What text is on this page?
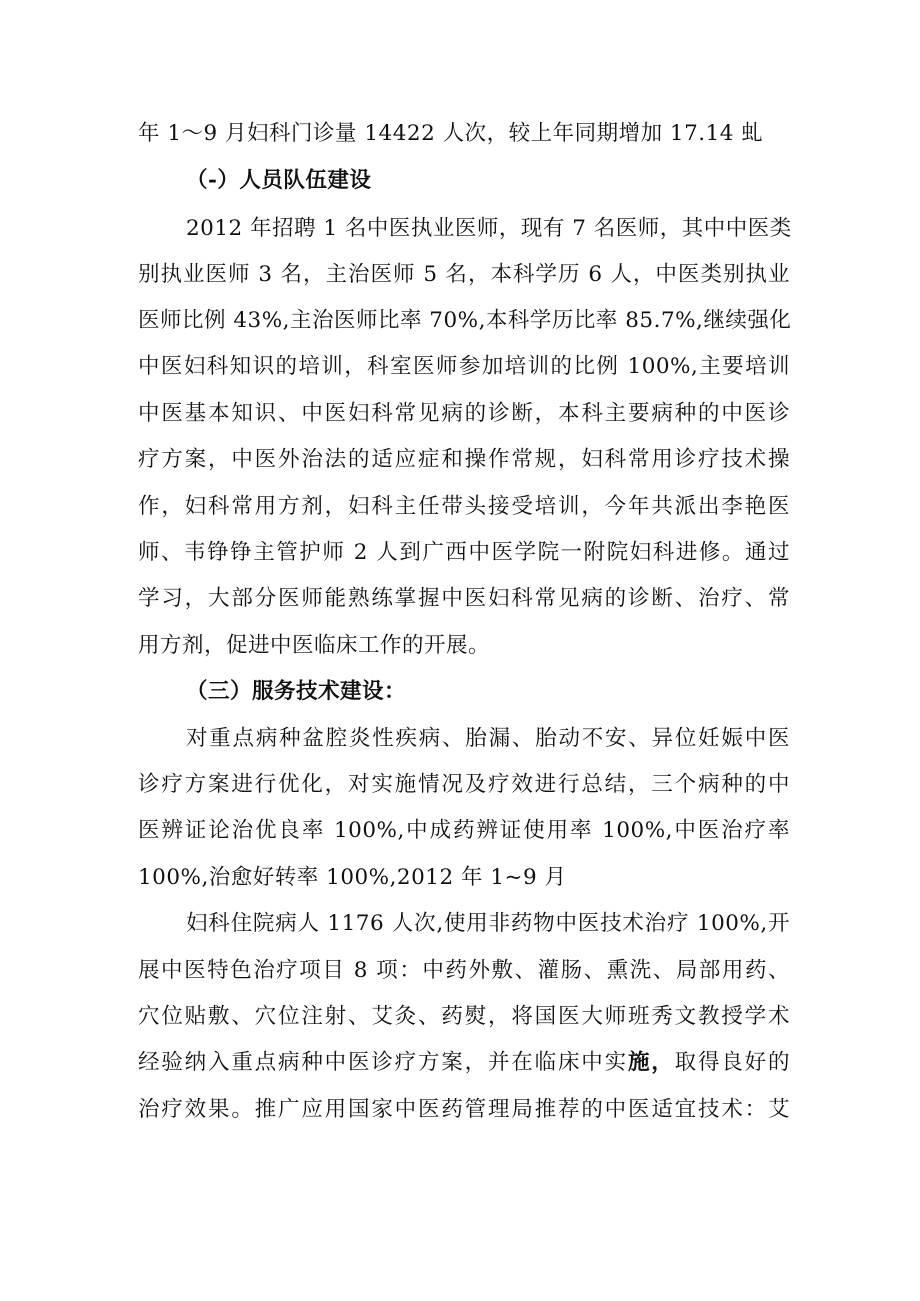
年 1～9 月妇科门诊量 14422 人次，较上年同期增加 17.14 虬
（-）人员队伍建设
2012 年招聘 1 名中医执业医师，现有 7 名医师，其中中医类
别执业医师 3 名，主治医师 5 名，本科学历 6 人，中医类别执业
医师比例 43%,主治医师比率 70%,本科学历比率 85.7%,继续强化
中医妇科知识的培训，科室医师参加培训的比例 100%,主要培训
中医基本知识、中医妇科常见病的诊断，本科主要病种的中医诊
疗方案，中医外治法的适应症和操作常规，妇科常用诊疗技术操
作，妇科常用方剂，妇科主任带头接受培训，今年共派出李艳医
师、韦铮铮主管护师 2 人到广西中医学院一附院妇科进修。通过
学习，大部分医师能熟练掌握中医妇科常见病的诊断、治疗、常
用方剂，促进中医临床工作的开展。
（三）服务技术建设：
对重点病种盆腔炎性疾病、胎漏、胎动不安、异位妊娠中医
诊疗方案进行优化，对实施情况及疗效进行总结，三个病种的中
医辨证论治优良率 100%,中成药辨证使用率 100%,中医治疗率
100%,治愈好转率 100%,2012 年 1~9 月
妇科住院病人 1176 人次,使用非药物中医技术治疗 100%,开
展中医特色治疗项目 8 项：中药外敷、灌肠、熏洗、局部用药、
穴位贴敷、穴位注射、艾灸、药熨，将国医大师班秀文教授学术
经验纳入重点病种中医诊疗方案，并在临床中实施，取得良好的
治疗效果。推广应用国家中医药管理局推荐的中医适宜技术：艾
